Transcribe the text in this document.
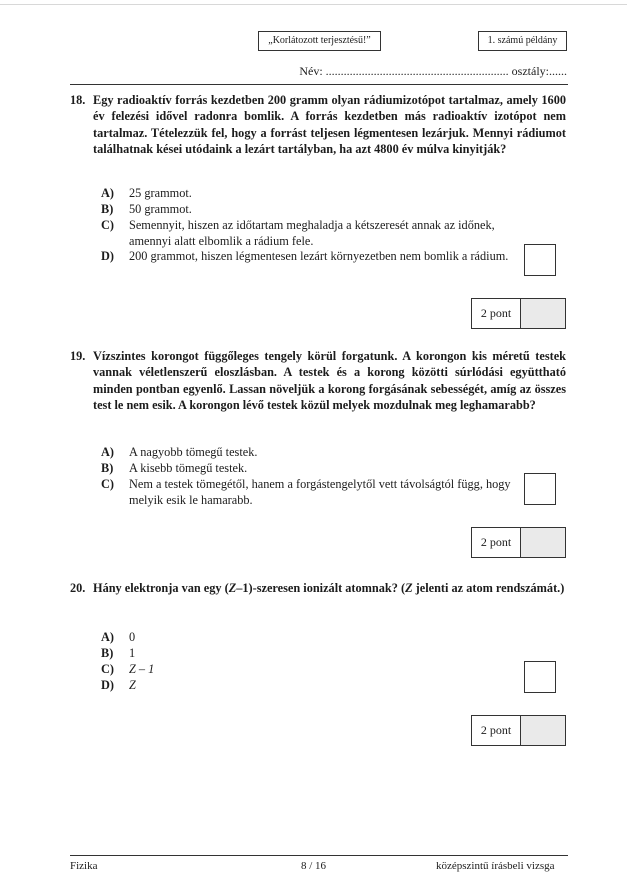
„Korlátozott terjesztésű!”	1. számú példány
Név: ............................................................. osztály:......
18. Egy radioaktív forrás kezdetben 200 gramm olyan rádiumizotópot tartalmaz, amely 1600 év felezési idővel radonra bomlik. A forrás kezdetben más radioaktív izotópot nem tartalmaz. Tételezzük fel, hogy a forrást teljesen légmentesen lezárjuk. Mennyi rádiumot találhatnak kései utódaink a lezárt tartályban, ha azt 4800 év múlva kinyitják?
A) 25 grammot.
B) 50 grammot.
C) Semennyit, hiszen az időtartam meghaladja a kétszeresét annak az időnek, amennyi alatt elbomlik a rádium fele.
D) 200 grammot, hiszen légmentesen lezárt környezetben nem bomlik a rádium.
2 pont
19. Vízszintes korongot függőleges tengely körül forgatunk. A korongon kis méretű testek vannak véletlenszerű eloszlásban. A testek és a korong közötti súrlódási együttható minden pontban egyenlő. Lassan növeljük a korong forgásának sebességét, amíg az összes test le nem esik. A korongon lévő testek közül melyek mozdulnak meg leghamarabb?
A) A nagyobb tömegű testek.
B) A kisebb tömegű testek.
C) Nem a testek tömegétől, hanem a forgástengelytől vett távolságtól függ, hogy melyik esik le hamarabb.
2 pont
20. Hány elektronja van egy (Z–1)-szeresen ionizált atomnak? (Z jelenti az atom rendszámát.)
A) 0
B) 1
C) Z – 1
D) Z
2 pont
Fizika	8 / 16	középszintű írásbeli vizsga
